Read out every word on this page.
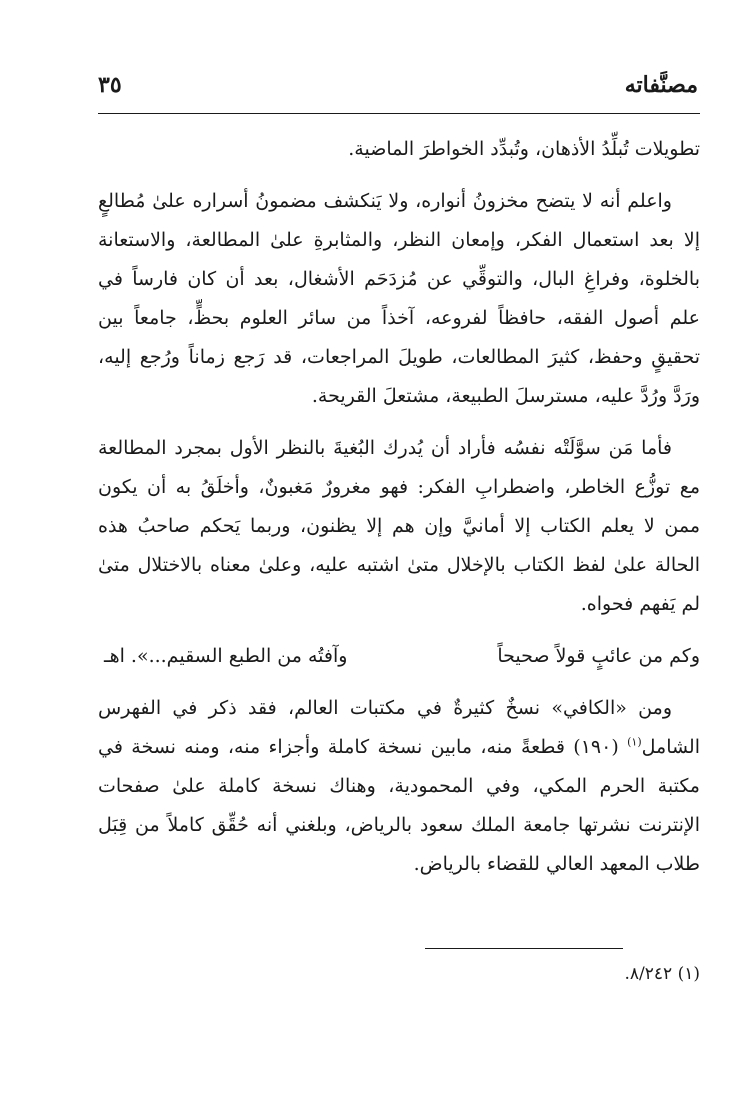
مصنَّفاته
٣٥

تطويلات تُبلِّدُ الأذهان، وتُبدِّد الخواطرَ الماضية.

واعلم أنه لا يتضح مخزونُ أنواره، ولا يَنكشف مضمونُ أسراره علىٰ مُطالعٍ إلا بعد استعمال الفكر، وإمعان النظر، والمثابرةِ علىٰ المطالعة، والاستعانة بالخلوة، وفراغِ البال، والتوقِّي عن مُزدَحَم الأشغال، بعد أن كان فارساً في علم أصول الفقه، حافظاً لفروعه، آخذاً من سائر العلوم بحظٍّ، جامعاً بين تحقيقٍ وحفظ، كثيرَ المطالعات، طويلَ المراجعات، قد رَجع زماناً ورُجع إليه، ورَدَّ ورُدَّ عليه، مسترسلَ الطبيعة، مشتعلَ القريحة.

فأما مَن سوَّلَتْه نفسُه فأراد أن يُدرك البُغيةَ بالنظر الأول بمجرد المطالعة مع توزُّع الخاطر، واضطرابِ الفكر: فهو مغرورٌ مَغبونٌ، وأخلَقُ به أن يكون ممن لا يعلم الكتاب إلا أمانيَّ وإن هم إلا يظنون، وربما يَحكم صاحبُ هذه الحالة علىٰ لفظ الكتاب بالإخلال متىٰ اشتبه عليه، وعلىٰ معناه بالاختلال متىٰ لم يَفهم فحواه.

وكم من عائبٍ قولاً صحيحاً
وآفتُه من الطبع السقيم...». اهـ

ومن «الكافي» نسخٌ كثيرةٌ في مكتبات العالم، فقد ذكر في الفهرس الشامل$^{(١)}$ (١٩٠) قطعةً منه، مابين نسخة كاملة وأجزاء منه، ومنه نسخة في مكتبة الحرم المكي، وفي المحمودية، وهناك نسخة كاملة علىٰ صفحات الإنترنت نشرتها جامعة الملك سعود بالرياض، وبلغني أنه حُقِّق كاملاً من قِبَل طلاب المعهد العالي للقضاء بالرياض.

(١) ٨/٢٤٢.
